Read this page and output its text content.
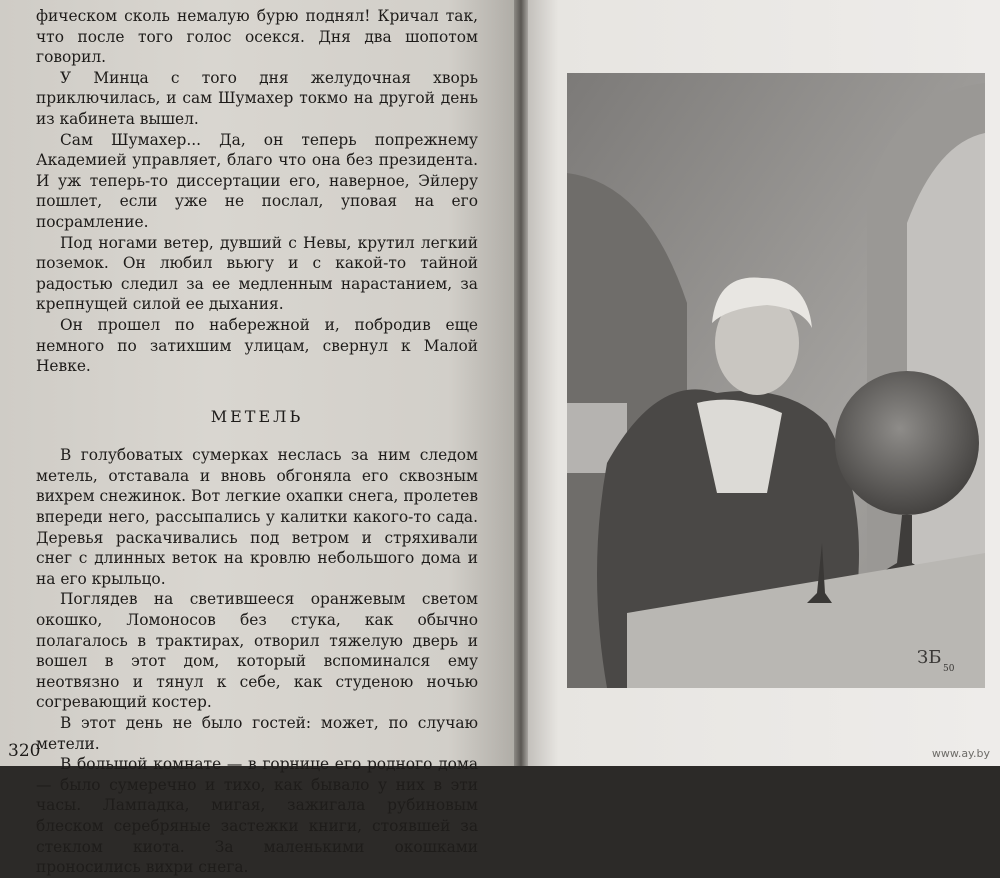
фическом сколь немалую бурю поднял! Кричал так, что после того голос осекся. Дня два шопотом говорил.

У Минца с того дня желудочная хворь приключилась, и сам Шумахер токмо на другой день из кабинета вышел.

Сам Шумахер... Да, он теперь попрежнему Академией управляет, благо что она без президента. И уж теперь-то диссертации его, наверное, Эйлеру пошлет, если уже не послал, уповая на его посрамление.

Под ногами ветер, дувший с Невы, крутил легкий поземок. Он любил вьюгу и с какой-то тайной радостью следил за ее медленным нарастанием, за крепнущей силой ее дыхания.

Он прошел по набережной и, побродив еще немного по затихшим улицам, свернул к Малой Невке.

МЕТЕЛЬ

В голубоватых сумерках неслась за ним следом метель, отставала и вновь обгоняла его сквозным вихрем снежинок. Вот легкие охапки снега, пролетев впереди него, рассыпались у калитки какого-то сада. Деревья раскачивались под ветром и стряхивали снег с длинных веток на кровлю небольшого дома и на его крыльцо.

Поглядев на светившееся оранжевым светом окошко, Ломоносов без стука, как обычно полагалось в трактирах, отворил тяжелую дверь и вошел в этот дом, который вспоминался ему неотвязно и тянул к себе, как студеною ночью согревающий костер.

В этот день не было гостей: может, по случаю метели.

В большой комнате — в горнице его родного дома — было сумеречно и тихо, как бывало у них в эти часы. Лампадка, мигая, зажигала рубиновым блеском серебряные застежки книги, стоявшей за стеклом киота. За маленькими окошками проносились вихри снега.

320
ЗБ
50
www.ay.by
